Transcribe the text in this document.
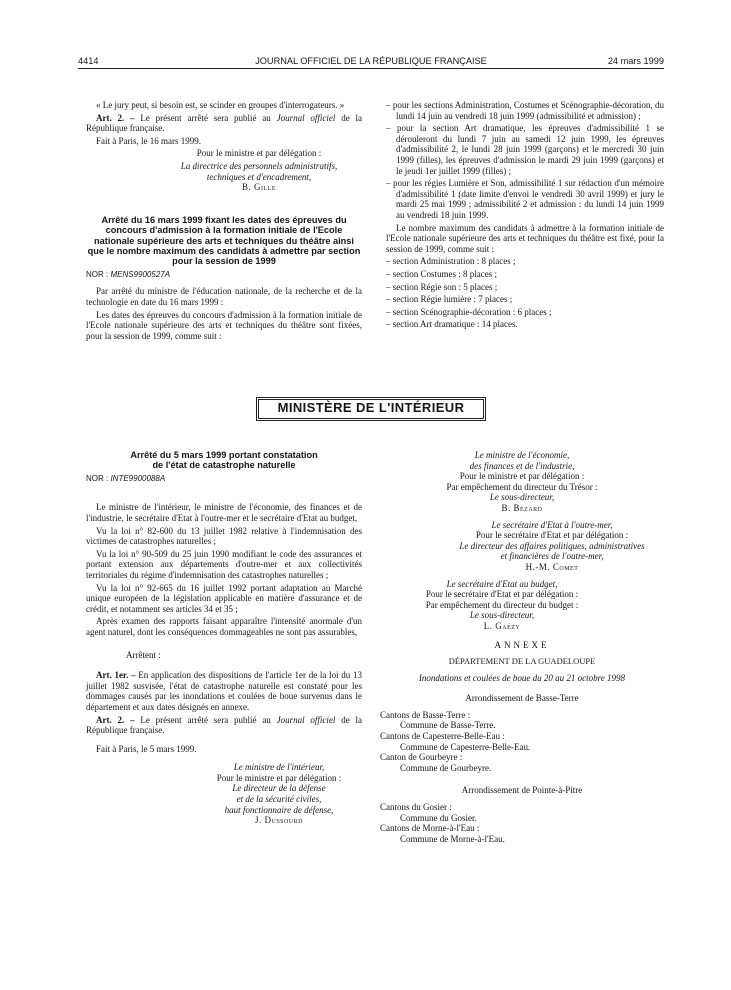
4414	JOURNAL OFFICIEL DE LA RÉPUBLIQUE FRANÇAISE	24 mars 1999

« Le jury peut, si besoin est, se scinder en groupes d'interrogateurs. »

Art. 2. – Le présent arrêté sera publié au Journal officiel de la République française.

Fait à Paris, le 16 mars 1999.

Pour le ministre et par délégation :

La directrice des personnels administratifs,

techniques et d'encadrement,

B. Gille

Arrêté du 16 mars 1999 fixant les dates des épreuves du concours d'admission à la formation initiale de l'Ecole nationale supérieure des arts et techniques du théâtre ainsi que le nombre maximum des candidats à admettre par section pour la session de 1999

NOR : MENS9900527A

Par arrêté du ministre de l'éducation nationale, de la recherche et de la technologie en date du 16 mars 1999 :

Les dates des épreuves du concours d'admission à la formation initiale de l'Ecole nationale supérieure des arts et techniques du théâtre sont fixées, pour la session de 1999, comme suit :

– pour les sections Administration, Costumes et Scénographie-décoration, du lundi 14 juin au vendredi 18 juin 1999 (admissibilité et admission) ;

– pour la section Art dramatique, les épreuves d'admissibilité 1 se dérouleront du lundi 7 juin au samedi 12 juin 1999, les épreuves d'admissibilité 2, le lundi 28 juin 1999 (garçons) et le mercredi 30 juin 1999 (filles), les épreuves d'admission le mardi 29 juin 1999 (garçons) et le jeudi 1er juillet 1999 (filles) ;

– pour les régies Lumière et Son, admissibilité 1 sur rédaction d'un mémoire d'admissibilité 1 (date limite d'envoi le vendredi 30 avril 1999) et jury le mardi 25 mai 1999 ; admissibilité 2 et admission : du lundi 14 juin 1999 au vendredi 18 juin 1999.

Le nombre maximum des candidats à admettre à la formation initiale de l'Ecole nationale supérieure des arts et techniques du théâtre est fixé, pour la session de 1999, comme suit :

– section Administration : 8 places ;

– section Costumes : 8 places ;

– section Régie son : 5 places ;

– section Régie lumière : 7 places ;

– section Scénographie-décoration : 6 places ;

– section Art dramatique : 14 places.

MINISTÈRE DE L'INTÉRIEUR

Arrêté du 5 mars 1999 portant constatation

de l'état de catastrophe naturelle

NOR : INTE9900088A

Le ministre de l'intérieur, le ministre de l'économie, des finances et de l'industrie, le secrétaire d'Etat à l'outre-mer et le secrétaire d'Etat au budget,

Vu la loi n° 82-600 du 13 juillet 1982 relative à l'indemnisation des victimes de catastrophes naturelles ;

Vu la loi n° 90-509 du 25 juin 1990 modifiant le code des assurances et portant extension aux départements d'outre-mer et aux collectivités territoriales du régime d'indemnisation des catastrophes naturelles ;

Vu la loi n° 92-665 du 16 juillet 1992 portant adaptation au Marché unique européen de la législation applicable en matière d'assurance et de crédit, et notamment ses articles 34 et 35 ;

Après examen des rapports faisant apparaître l'intensité anormale d'un agent naturel, dont les conséquences dommageables ne sont pas assurables,

Arrêtent :

Art. 1er. – En application des dispositions de l'article 1er de la loi du 13 juillet 1982 susvisée, l'état de catastrophe naturelle est constaté pour les dommages causés par les inondations et coulées de boue survenus dans le département et aux dates désignés en annexe.

Art. 2. – Le présent arrêté sera publié au Journal officiel de la République française.

Fait à Paris, le 5 mars 1999.

Le ministre de l'intérieur,

Pour le ministre et par délégation :

Le directeur de la défense

et de la sécurité civiles,

haut fonctionnaire de défense,

J. Dussourd

Le ministre de l'économie,

des finances et de l'industrie,

Pour le ministre et par délégation :

Par empêchement du directeur du Trésor :

Le sous-directeur,

B. Bézard

Le secrétaire d'Etat à l'outre-mer,

Pour le secrétaire d'Etat et par délégation :

Le directeur des affaires politiques, administratives

et financières de l'outre-mer,

H.-M. Comet

Le secrétaire d'Etat au budget,

Pour le secrétaire d'Etat et par délégation :

Par empêchement du directeur du budget :

Le sous-directeur,

L. Gaézy

ANNEXE

DÉPARTEMENT DE LA GUADELOUPE

Inondations et coulées de boue du 20 au 21 octobre 1998

Arrondissement de Basse-Terre

Cantons de Basse-Terre :

Commune de Basse-Terre.

Cantons de Capesterre-Belle-Eau :

Commune de Capesterre-Belle-Eau.

Canton de Gourbeyre :

Commune de Gourbeyre.

Arrondissement de Pointe-à-Pitre

Cantons du Gosier :

Commune du Gosier.

Cantons de Morne-à-l'Eau :

Commune de Morne-à-l'Eau.
